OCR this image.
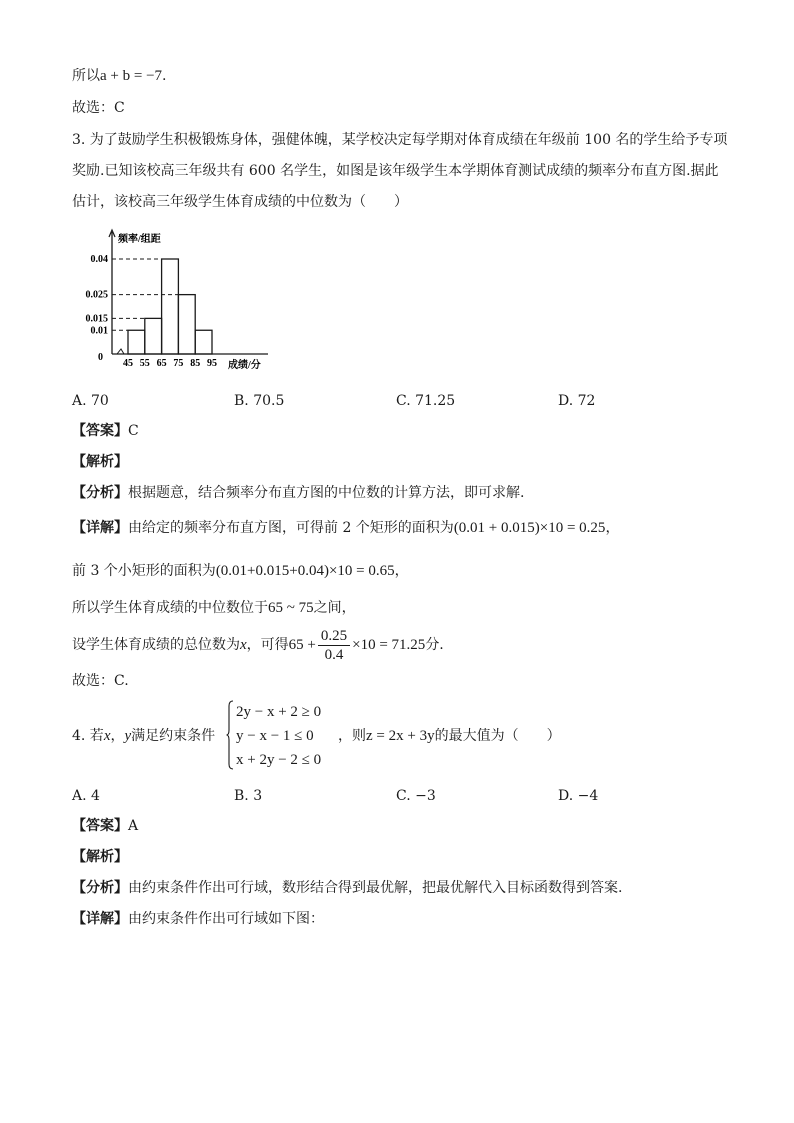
所以a + b = −7.
故选：C
3. 为了鼓励学生积极锻炼身体，强健体魄，某学校决定每学期对体育成绩在年级前 100 名的学生给予专项
奖励.已知该校高三年级共有 600 名学生，如图是该年级学生本学期体育测试成绩的频率分布直方图.据此
估计，该校高三年级学生体育成绩的中位数为（　　）
0.04
0.025
0.015
0.01
45 55 65 75 85 95
0
频率/组距
成绩/分
A. 70	B. 70.5	C. 71.25	D. 72
【答案】C
【解析】
【分析】根据题意，结合频率分布直方图的中位数的计算方法，即可求解.
【详解】由给定的频率分布直方图，可得前 2 个矩形的面积为(0.01 + 0.015)×10 = 0.25，
前 3 个小矩形的面积为(0.01+0.015+0.04)×10 = 0.65，
所以学生体育成绩的中位数位于65 ~ 75之间，
设学生体育成绩的总位数为x，可得$65 + \frac{0.25}{0.4} \times 10 = 71.25$分.
故选：C.
4. 若x，y满足约束条件
2y − x + 2 ≥ 0
y − x − 1 ≤ 0
x + 2y − 2 ≤ 0
，则z = 2x + 3y的最大值为（　　）
A. 4	B. 3	C. −3	D. −4
【答案】A
【解析】
【分析】由约束条件作出可行域，数形结合得到最优解，把最优解代入目标函数得到答案.
【详解】由约束条件作出可行域如下图：
